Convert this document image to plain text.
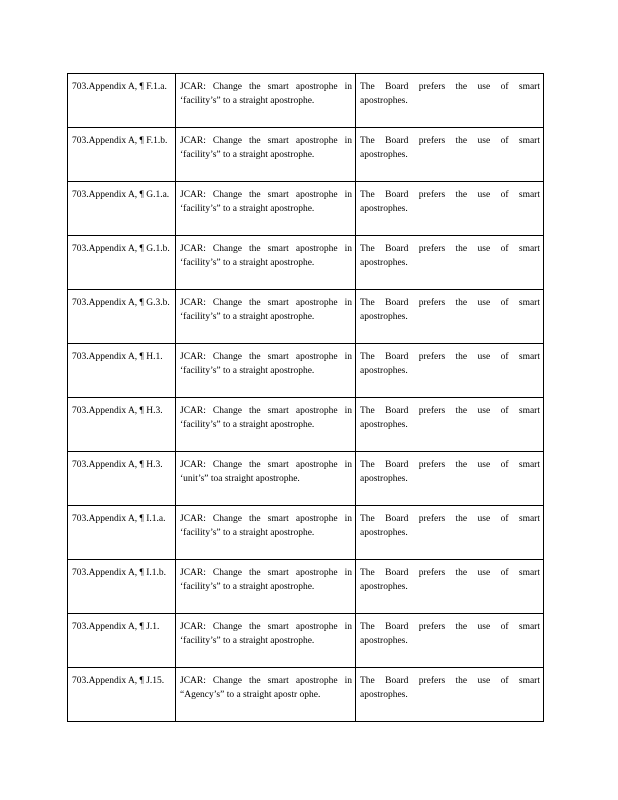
703.Appendix A, ¶ F.1.a.	JCAR: Change the smart apostrophe in ‘facility’s” to a straight apostrophe.	The Board prefers the use of smart apostrophes.
703.Appendix A, ¶ F.1.b.	JCAR: Change the smart apostrophe in ‘facility’s” to a straight apostrophe.	The Board prefers the use of smart apostrophes.
703.Appendix A, ¶ G.1.a.	JCAR: Change the smart apostrophe in ‘facility’s” to a straight apostrophe.	The Board prefers the use of smart apostrophes.
703.Appendix A, ¶ G.1.b.	JCAR: Change the smart apostrophe in ‘facility’s” to a straight apostrophe.	The Board prefers the use of smart apostrophes.
703.Appendix A, ¶ G.3.b.	JCAR: Change the smart apostrophe in ‘facility’s” to a straight apostrophe.	The Board prefers the use of smart apostrophes.
703.Appendix A, ¶ H.1.	JCAR: Change the smart apostrophe in ‘facility’s” to a straight apostrophe.	The Board prefers the use of smart apostrophes.
703.Appendix A, ¶ H.3.	JCAR: Change the smart apostrophe in ‘facility’s” to a straight apostrophe.	The Board prefers the use of smart apostrophes.
703.Appendix A, ¶ H.3.	JCAR: Change the smart apostrophe in ‘unit’s” toa straight apostrophe.	The Board prefers the use of smart apostrophes.
703.Appendix A, ¶ I.1.a.	JCAR: Change the smart apostrophe in ‘facility’s” to a straight apostrophe.	The Board prefers the use of smart apostrophes.
703.Appendix A, ¶ I.1.b.	JCAR: Change the smart apostrophe in ‘facility’s” to a straight apostrophe.	The Board prefers the use of smart apostrophes.
703.Appendix A, ¶ J.1.	JCAR: Change the smart apostrophe in ‘facility’s” to a straight apostrophe.	The Board prefers the use of smart apostrophes.
703.Appendix A, ¶ J.15.	JCAR: Change the smart apostrophe in “Agency’s” to a straight apostr ophe.	The Board prefers the use of smart apostrophes.
